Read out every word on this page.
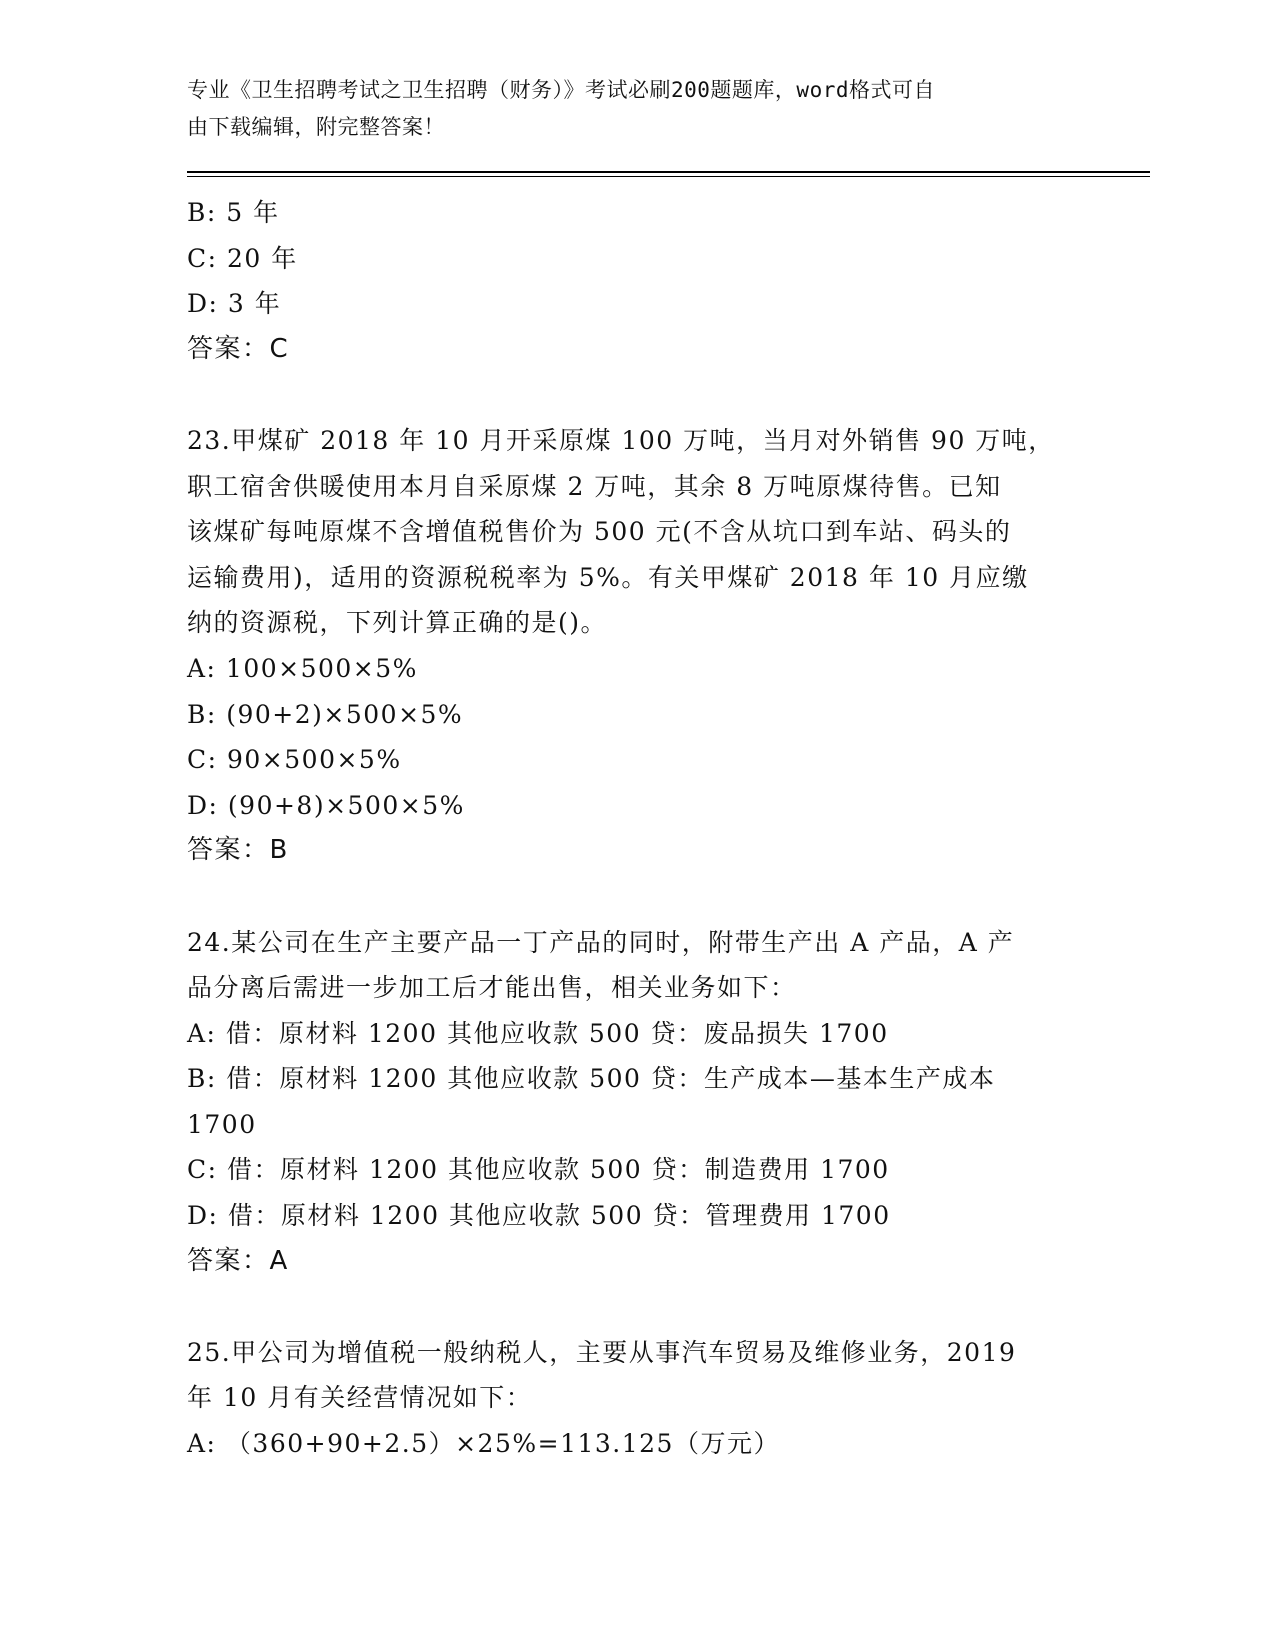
专业《卫生招聘考试之卫生招聘（财务）》考试必刷200题题库，word格式可自
由下载编辑，附完整答案！
B: 5 年
C: 20 年
D: 3 年
答案：C
23.甲煤矿 2018 年 10 月开采原煤 100 万吨，当月对外销售 90 万吨，
职工宿舍供暖使用本月自采原煤 2 万吨，其余 8 万吨原煤待售。已知
该煤矿每吨原煤不含增值税售价为 500 元(不含从坑口到车站、码头的
运输费用)，适用的资源税税率为 5%。有关甲煤矿 2018 年 10 月应缴
纳的资源税，下列计算正确的是()。
A: 100×500×5%
B: (90+2)×500×5%
C: 90×500×5%
D: (90+8)×500×5%
答案：B
24.某公司在生产主要产品一丁产品的同时，附带生产出 A 产品，A 产
品分离后需进一步加工后才能出售，相关业务如下：
A: 借：原材料 1200 其他应收款 500 贷：废品损失 1700
B: 借：原材料 1200 其他应收款 500 贷：生产成本—基本生产成本
1700
C: 借：原材料 1200 其他应收款 500 贷：制造费用 1700
D: 借：原材料 1200 其他应收款 500 贷：管理费用 1700
答案：A
25.甲公司为增值税一般纳税人，主要从事汽车贸易及维修业务，2019
年 10 月有关经营情况如下：
A: （360+90+2.5）×25%=113.125（万元）
